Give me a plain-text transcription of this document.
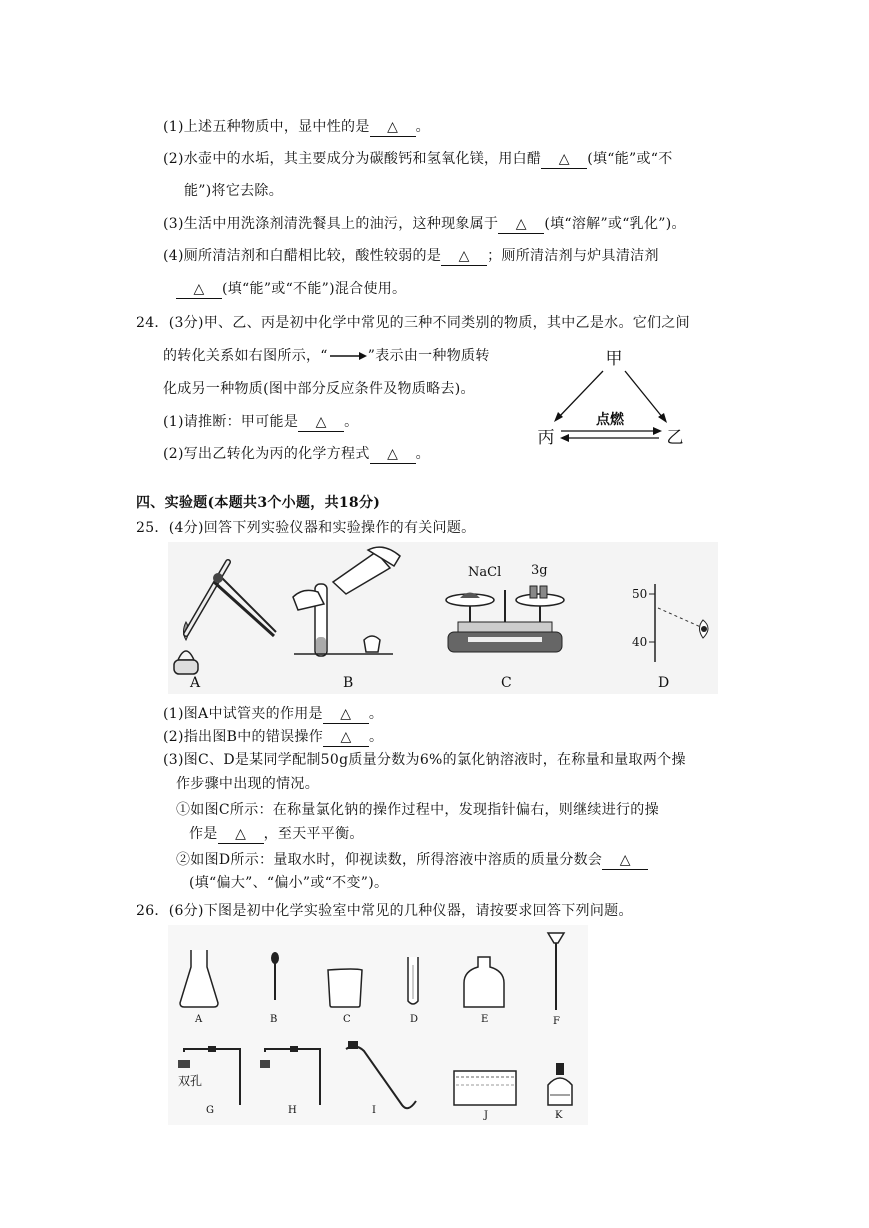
(1)上述五种物质中，显中性的是 △ 。
(2)水壶中的水垢，其主要成分为碳酸钙和氢氧化镁，用白醋 △ (填“能”或“不
能”)将它去除。
(3)生活中用洗涤剂清洗餐具上的油污，这种现象属于 △ (填“溶解”或“乳化”)。
(4)厕所清洁剂和白醋相比较，酸性较弱的是 △ ；厕所清洁剂与炉具清洁剂
△ (填“能”或“不能”)混合使用。
24．(3分)甲、乙、丙是初中化学中常见的三种不同类别的物质，其中乙是水。它们之间
的转化关系如右图所示，“	”表示由一种物质转
化成另一种物质(图中部分反应条件及物质略去)。
(1)请推断：甲可能是 △ 。
(2)写出乙转化为丙的化学方程式 △ 。
甲
丙	乙
点燃
四、实验题(本题共3个小题，共18分)
25．(4分)回答下列实验仪器和实验操作的有关问题。
NaCl 3g
50
40
A	B	C	D
(1)图A中试管夹的作用是 △ 。
(2)指出图B中的错误操作 △ 。
(3)图C、D是某同学配制50g质量分数为6%的氯化钠溶液时，在称量和量取两个操
作步骤中出现的情况。
①如图C所示：在称量氯化钠的操作过程中，发现指针偏右，则继续进行的操
作是 △ ，至天平平衡。
②如图D所示：量取水时，仰视读数，所得溶液中溶质的质量分数会 △
(填“偏大”、“偏小”或“不变”)。
26．(6分)下图是初中化学实验室中常见的几种仪器，请按要求回答下列问题。
双孔
A	B	C	D	E	F
G	H	I	J	K
